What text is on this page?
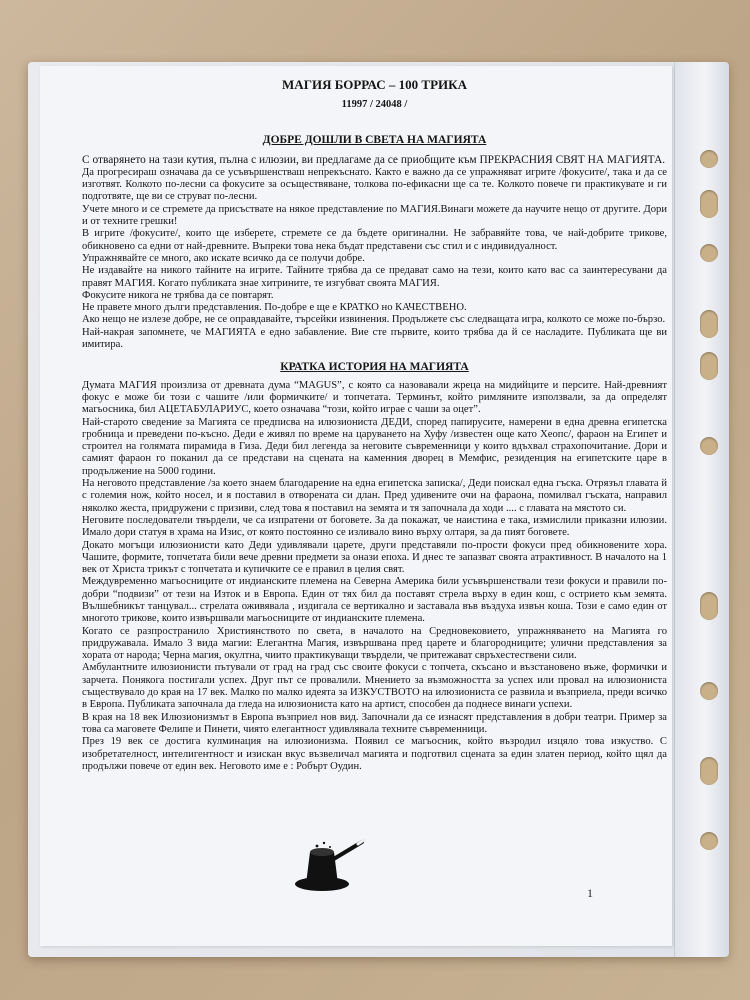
МАГИЯ БОРРАС – 100 ТРИКА
11997 / 24048 /
ДОБРЕ ДОШЛИ В СВЕТА НА МАГИЯТА

С отварянето на тази кутия, пълна с илюзии, ви предлагаме да се приобщите към ПРЕКРАСНИЯ СВЯТ НА МАГИЯТА.

Да прогресираш означава да се усъвършенстваш непрекъснато. Както е важно да се упражняват игрите /фокусите/, така и да се изготвят. Колкото по-лесни са фокусите за осъществяване, толкова по-ефикасни ще са те. Колкото повече ги практикувате и ги подготвяте, ще ви се струват по-лесни.

Учете много и се стремете да присъствате на някое представление по МАГИЯ.Винаги можете да научите нещо от другите. Дори и от техните грешки!

В игрите /фокусите/, които ще изберете, стремете се да бъдете оригинални. Не забравяйте това, че най-добрите трикове, обикновено са едни от най-древните. Въпреки това нека бъдат представени със стил и с индивидуалност.

Упражнявайте се много, ако искате всичко да се получи добре.

Не издавайте на никого тайните на игрите. Тайните трябва да се предават само на тези, които като вас са заинтересувани да правят МАГИЯ. Когато публиката знае хитрините, те изгубват своята МАГИЯ.

Фокусите никога не трябва да се повтарят.

Не правете много дълги представления. По-добре е ще е КРАТКО но КАЧЕСТВЕНО.

Ако нещо не излезе добре, не се оправдавайте, търсейки извинения. Продължете със следващата игра, колкото се може по-бързо.

Най-накрая запомнете, че МАГИЯТА е едно забавление. Вие сте първите, които трябва да й се насладите. Публиката ще ви имитира.

КРАТКА ИСТОРИЯ НА МАГИЯТА

Думата МАГИЯ произлиза от древната дума “MAGUS”, с която са назовавали жреца на мидийците и персите. Най-древният фокус е може би този с чашите /или формичките/ и топчетата. Терминът, който римляните използвали, за да определят магьосника, бил АЦЕТАБУЛАРИУС, което означава “този, който играе с чаши за оцет”.

Най-старото сведение за Магията се предписва на илюзиониста ДЕДИ, според папирусите, намерени в една древна египетска гробница и преведени по-късно. Деди е живял по време на царуването на Хуфу /известен още като Хеопс/, фараон на Египет и строител на голямата пирамида в Гиза. Деди бил легенда за неговите съвременници у които вдъхвал страхопочитание. Дори и самият фараон го поканил да се представи на сцената на каменния дворец в Мемфис, резиденция на египетските царе в продължение на 5000 години.

На неговото представление /за което знаем благодарение на една египетска записка/, Деди поискал една гъска. Отрязъл главата й с големия нож, който носел, и я поставил в отворената си длан. Пред удивените очи на фараона, помилвал гъската, направил няколко жеста, придружени с призиви, след това я поставил на земята и тя започнала да ходи .... с главата на мястото си.

Неговите последователи твърдели, че са изпратени от боговете. За да покажат, че наистина е така, измислили приказни илюзии. Имало дори статуя в храма на Изис, от която постоянно се изливало вино върху олтаря, за да пият боговете.

Докато могъщи илюзионисти като Деди удивлявали царете, други представяли по-прости фокуси пред обикновените хора. Чашите, формите, топчетата били вече древни предмети за онази епоха. И днес те запазват своята атрактивност. В началото на 1 век от Христа трикът с топчетата и купичките се е правил в целия свят.

Междувременно магьосниците от индианските племена на Северна Америка били усъвършенствали тези фокуси и правили по-добри “подвизи” от тези на Изток и в Европа. Един от тях бил да поставят стрела върху в един кош, с острието към земята. Вълшебникът танцувал... стрелата оживявала , издигала се вертикално и заставала във въздуха извън коша. Този е само един от многото трикове, които извършвали магьосниците от индианските племена.

Когато се разпространило Християнството по света, в началото на Средновековието, упражняването на Магията го придружавала. Имало 3 вида магии: Елегантна Магия, извършвана пред царете и благородниците; улични представления за хората от народа; Черна магия, окултна, чиито практикуващи твърдели, че притежават свръхестествени сили.

Амбулантните илюзионисти пътували от град на град със своите фокуси с топчета, скъсано и възстановено въже, формички и зарчета. Понякога постигали успех. Друг път се провалили. Мнението за възможността за успех или провал на илюзиониста съществувало до края на 17 век. Малко по малко идеята за ИЗКУСТВОТО на илюзиониста се развила и възприела, преди всичко в Европа. Публиката започнала да гледа на илюзиониста като на артист, способен да поднесе винаги успехи.

В края на 18 век Илюзионизмът в Европа възприел нов вид. Започнали да се изнасят представления в добри театри. Пример за това са маговете Фелипе и Пинети, чиято елегантност удивлявала техните съвременници.

През 19 век се достига кулминация на илюзионизма. Появил се магьосник, който възродил изцяло това изкуство. С изобретателност, интелигентност и изискан вкус възвеличал магията и подготвил сцената за един златен период, който щял да продължи повече от един век. Неговото име е : Робърт Оудин.

1
